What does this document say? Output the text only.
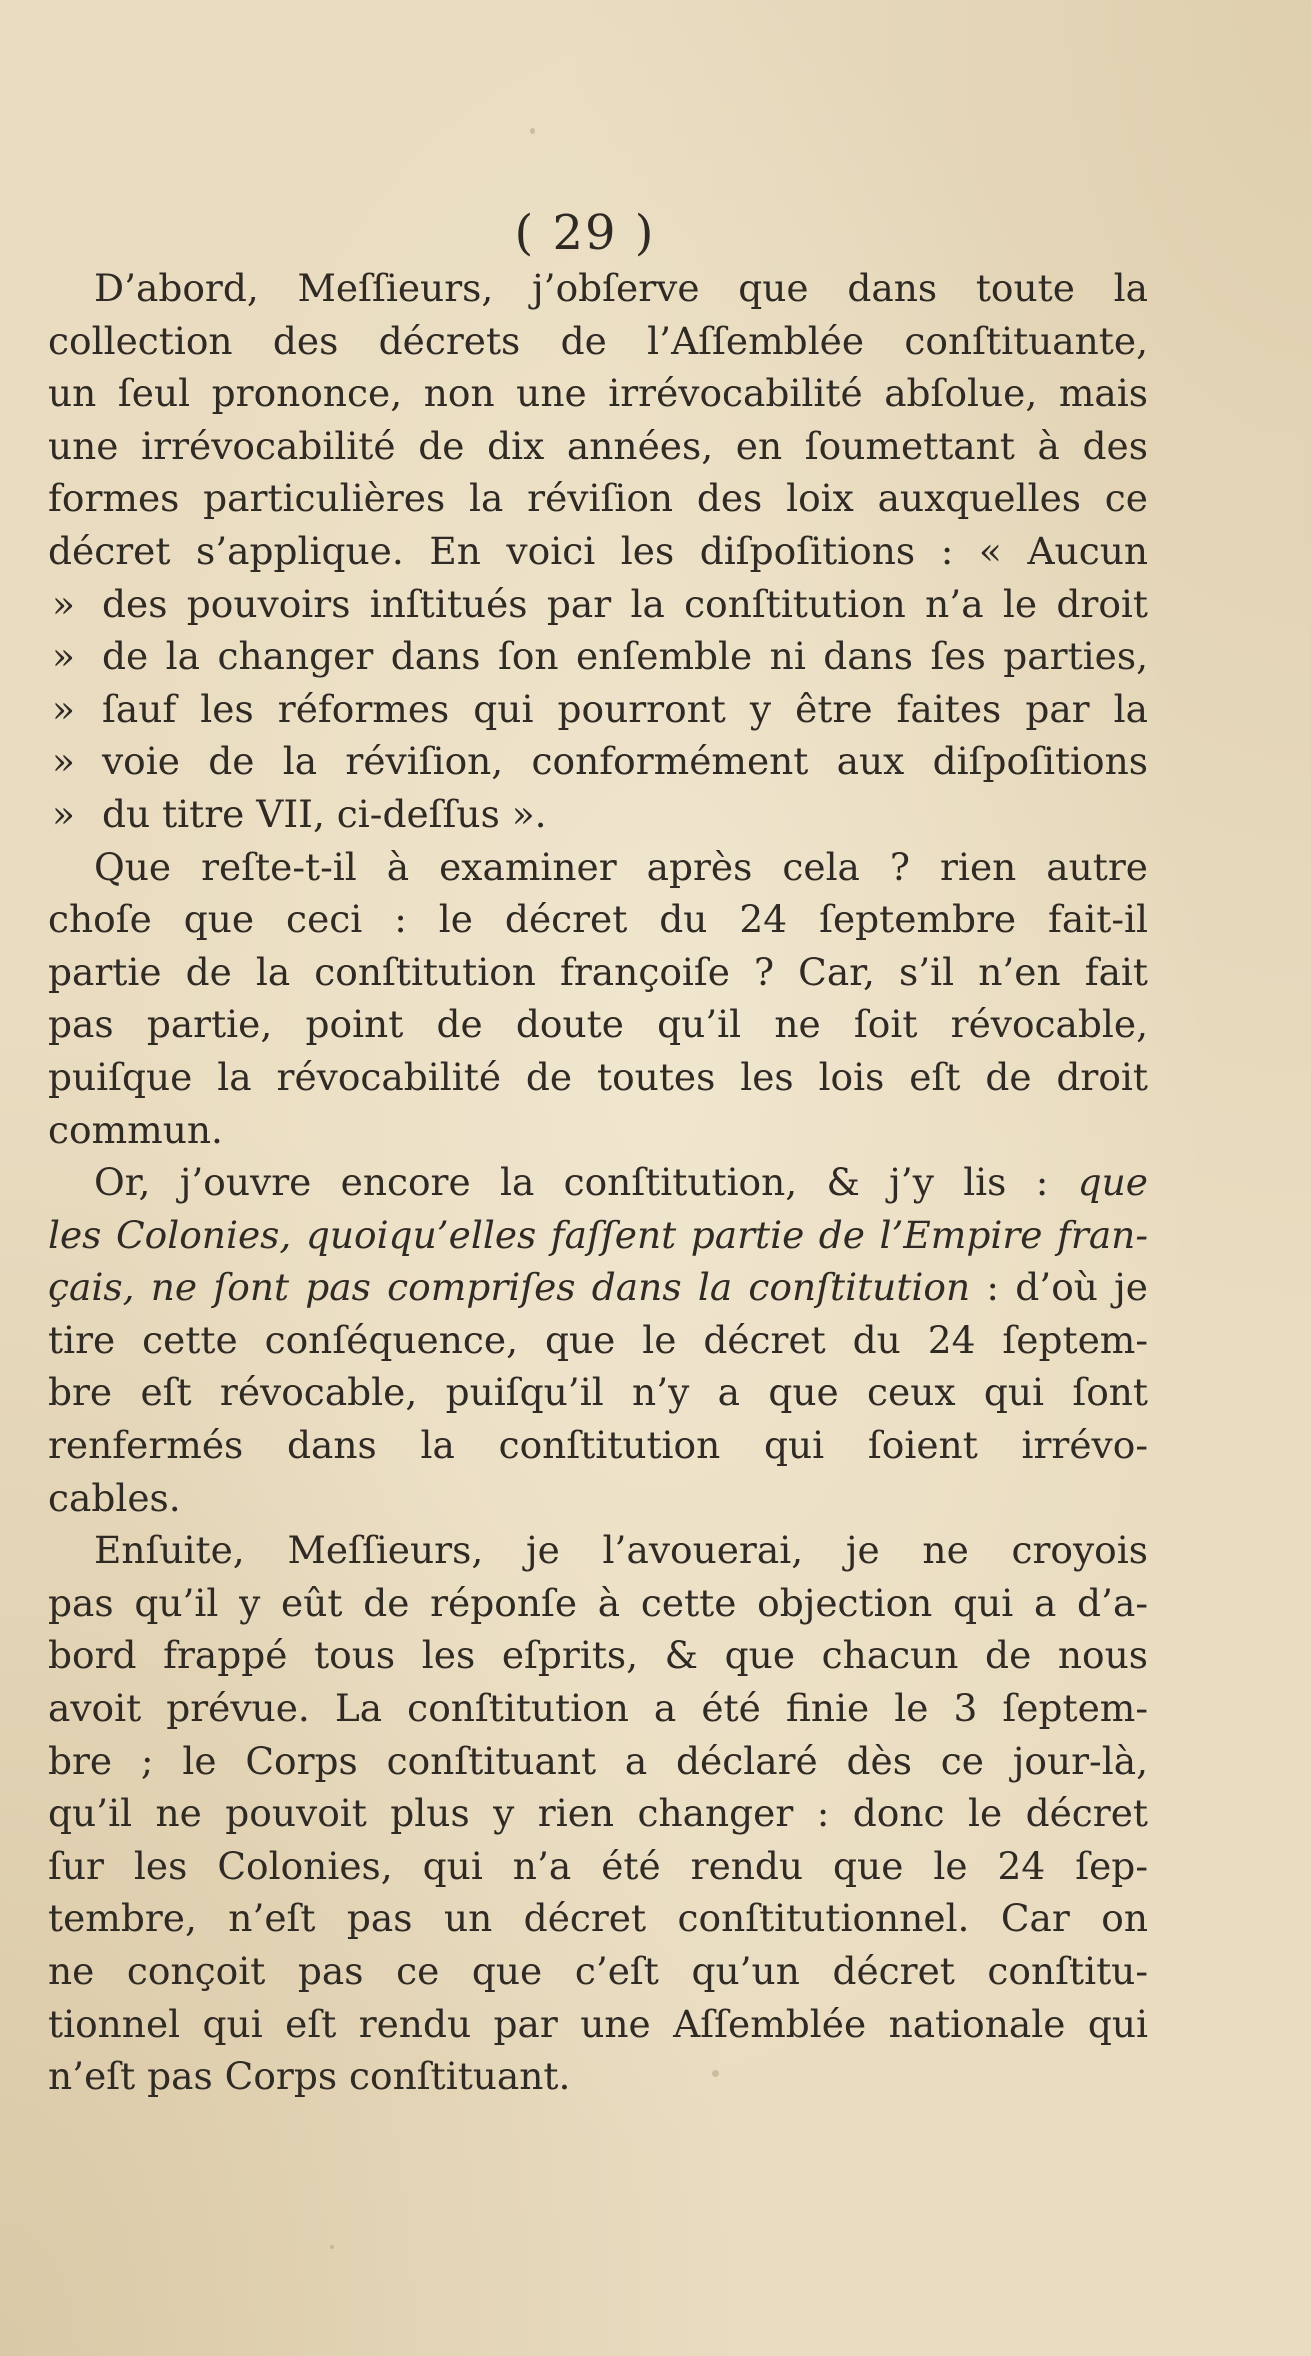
( 29 )
D’abord, Meſſieurs, j’obſerve que dans toute la
collection des décrets de l’Aſſemblée conſtituante,
un ſeul prononce, non une irrévocabilité abſolue, mais
une irrévocabilité de dix années, en ſoumettant à des
formes particulières la réviſion des loix auxquelles ce
décret s’applique. En voici les diſpoſitions : « Aucun
» des pouvoirs inſtitués par la conſtitution n’a le droit
» de la changer dans ſon enſemble ni dans ſes parties,
» ſauf les réformes qui pourront y être faites par la
» voie de la réviſion, conformément aux diſpoſitions
» du titre VII, ci-deſſus ».
Que reſte-t-il à examiner après cela ? rien autre
choſe que ceci : le décret du 24 ſeptembre fait-il
partie de la conſtitution françoiſe ? Car, s’il n’en fait
pas partie, point de doute qu’il ne ſoit révocable,
puiſque la révocabilité de toutes les lois eſt de droit
commun.
Or, j’ouvre encore la conſtitution, & j’y lis : que
les Colonies, quoiqu’elles faſſent partie de l’Empire fran-
çais, ne ſont pas compriſes dans la conſtitution : d’où je
tire cette conſéquence, que le décret du 24 ſeptem-
bre eſt révocable, puiſqu’il n’y a que ceux qui ſont
renfermés dans la conſtitution qui ſoient irrévo-
cables.
Enſuite, Meſſieurs, je l’avouerai, je ne croyois
pas qu’il y eût de réponſe à cette objection qui a d’a-
bord frappé tous les eſprits, & que chacun de nous
avoit prévue. La conſtitution a été finie le 3 ſeptem-
bre ; le Corps conſtituant a déclaré dès ce jour-là,
qu’il ne pouvoit plus y rien changer : donc le décret
ſur les Colonies, qui n’a été rendu que le 24 ſep-
tembre, n’eſt pas un décret conſtitutionnel. Car on
ne conçoit pas ce que c’eſt qu’un décret conſtitu-
tionnel qui eſt rendu par une Aſſemblée nationale qui
n’eſt pas Corps conſtituant.
